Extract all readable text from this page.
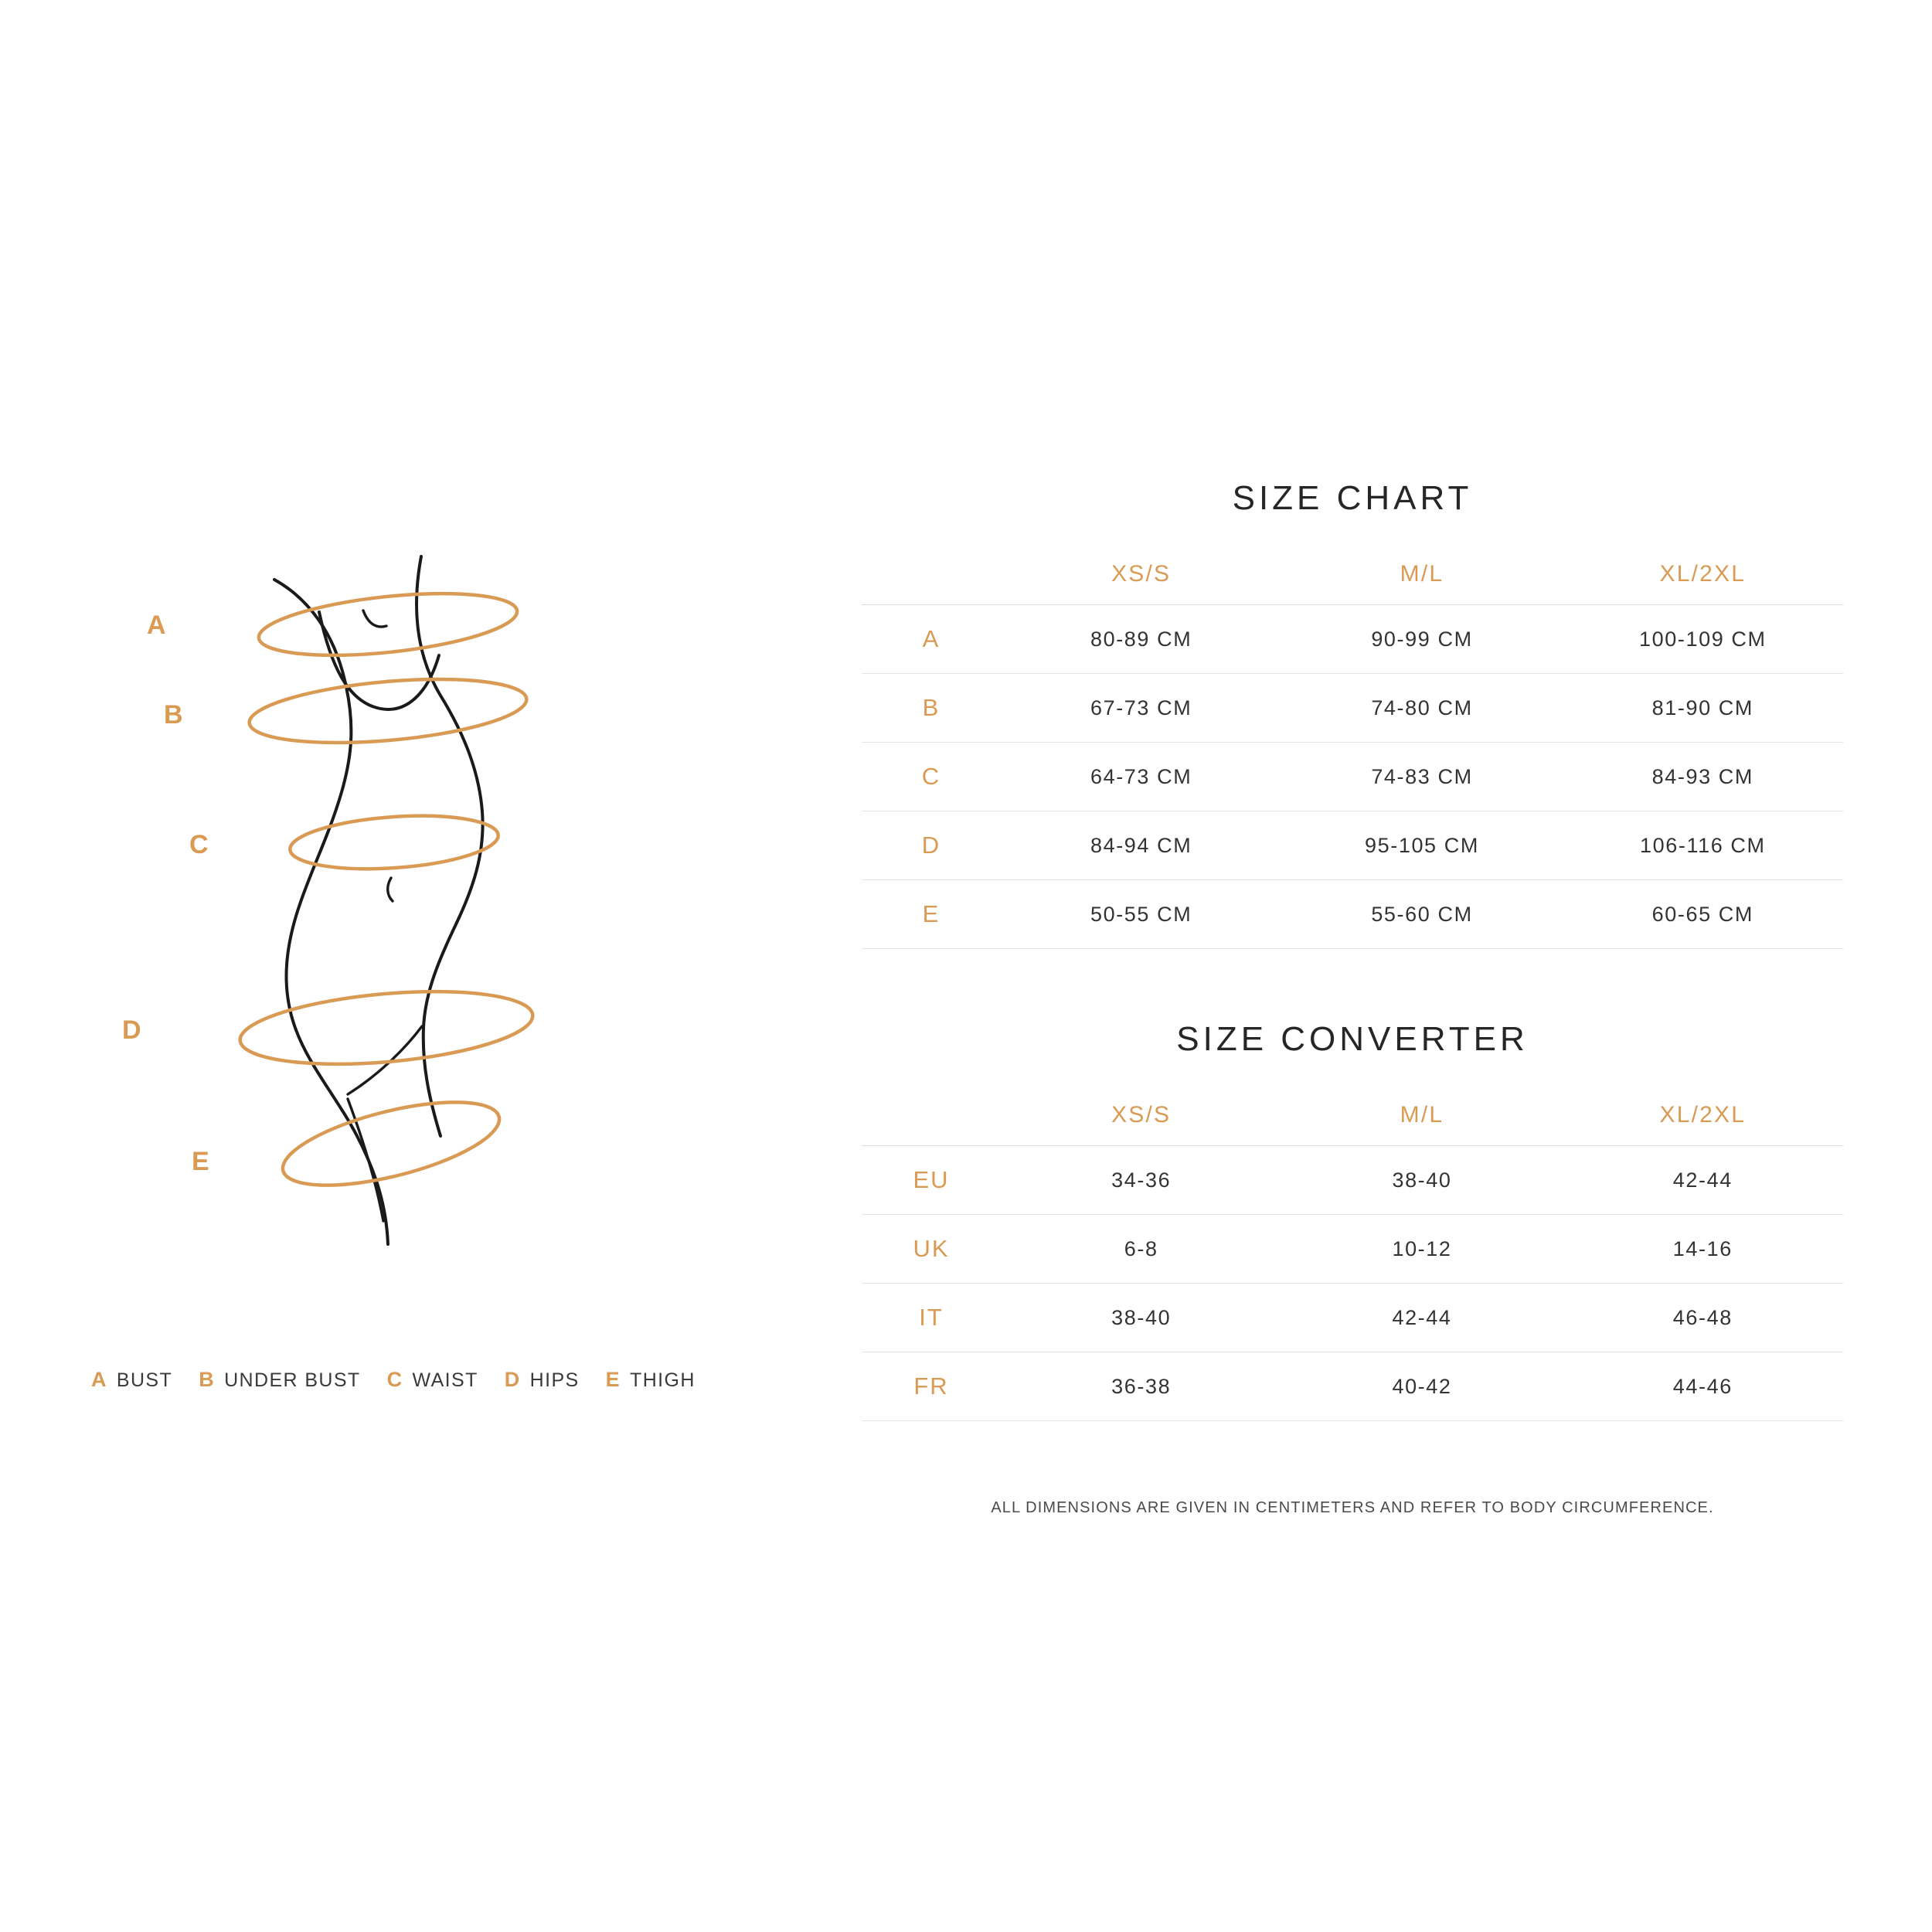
A
B
C
D
E
A BUST B UNDER BUST C WAIST D HIPS E THIGH
SIZE CHART
	XS/S	M/L	XL/2XL
A	80-89 CM	90-99 CM	100-109 CM
B	67-73 CM	74-80 CM	81-90 CM
C	64-73 CM	74-83 CM	84-93 CM
D	84-94 CM	95-105 CM	106-116 CM
E	50-55 CM	55-60 CM	60-65 CM
SIZE CONVERTER
	XS/S	M/L	XL/2XL
EU	34-36	38-40	42-44
UK	6-8	10-12	14-16
IT	38-40	42-44	46-48
FR	36-38	40-42	44-46
ALL DIMENSIONS ARE GIVEN IN CENTIMETERS AND REFER TO BODY CIRCUMFERENCE.
